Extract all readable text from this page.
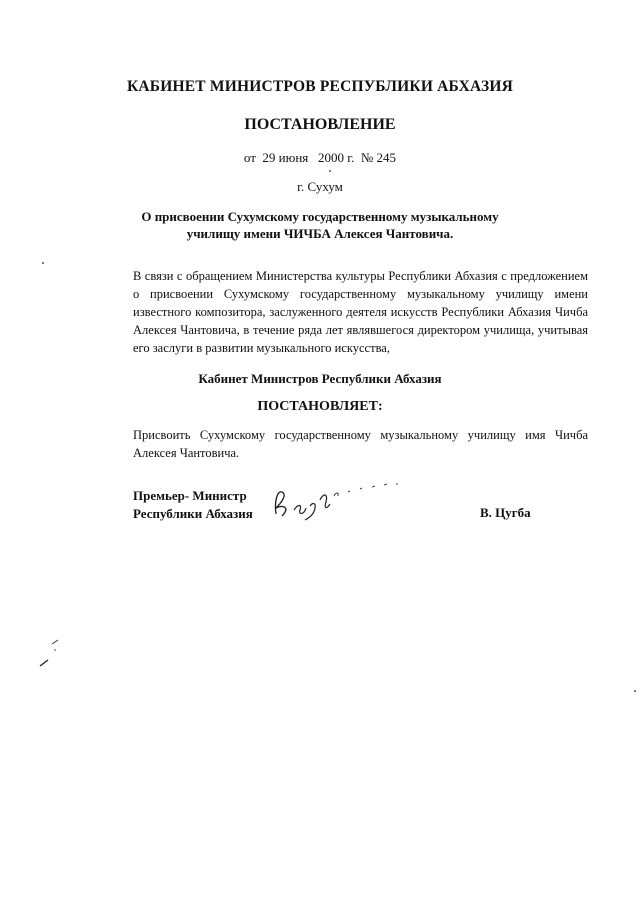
КАБИНЕТ МИНИСТРОВ РЕСПУБЛИКИ АБХАЗИЯ
ПОСТАНОВЛЕНИЕ
от  29 июня   2000 г.  № 245
г. Сухум
О присвоении Сухумскому государственному музыкальному
училищу имени ЧИЧБА Алексея Чантовича.
В связи с обращением Министерства культуры Республики Абхазия с предложением о присвоении Сухумскому государственному музыкальному училищу имени известного композитора, заслуженного деятеля искусств Республики Абхазия Чичба Алексея Чантовича, в течение ряда лет являвшегося директором училища, учитывая его заслуги в развитии музыкального искусства,
Кабинет Министров Республики Абхазия
ПОСТАНОВЛЯЕТ:
Присвоить Сухумскому государственному музыкальному училищу имя Чичба Алексея Чантовича.
Премьер- Министр
Республики Абхазия	В. Цугба
